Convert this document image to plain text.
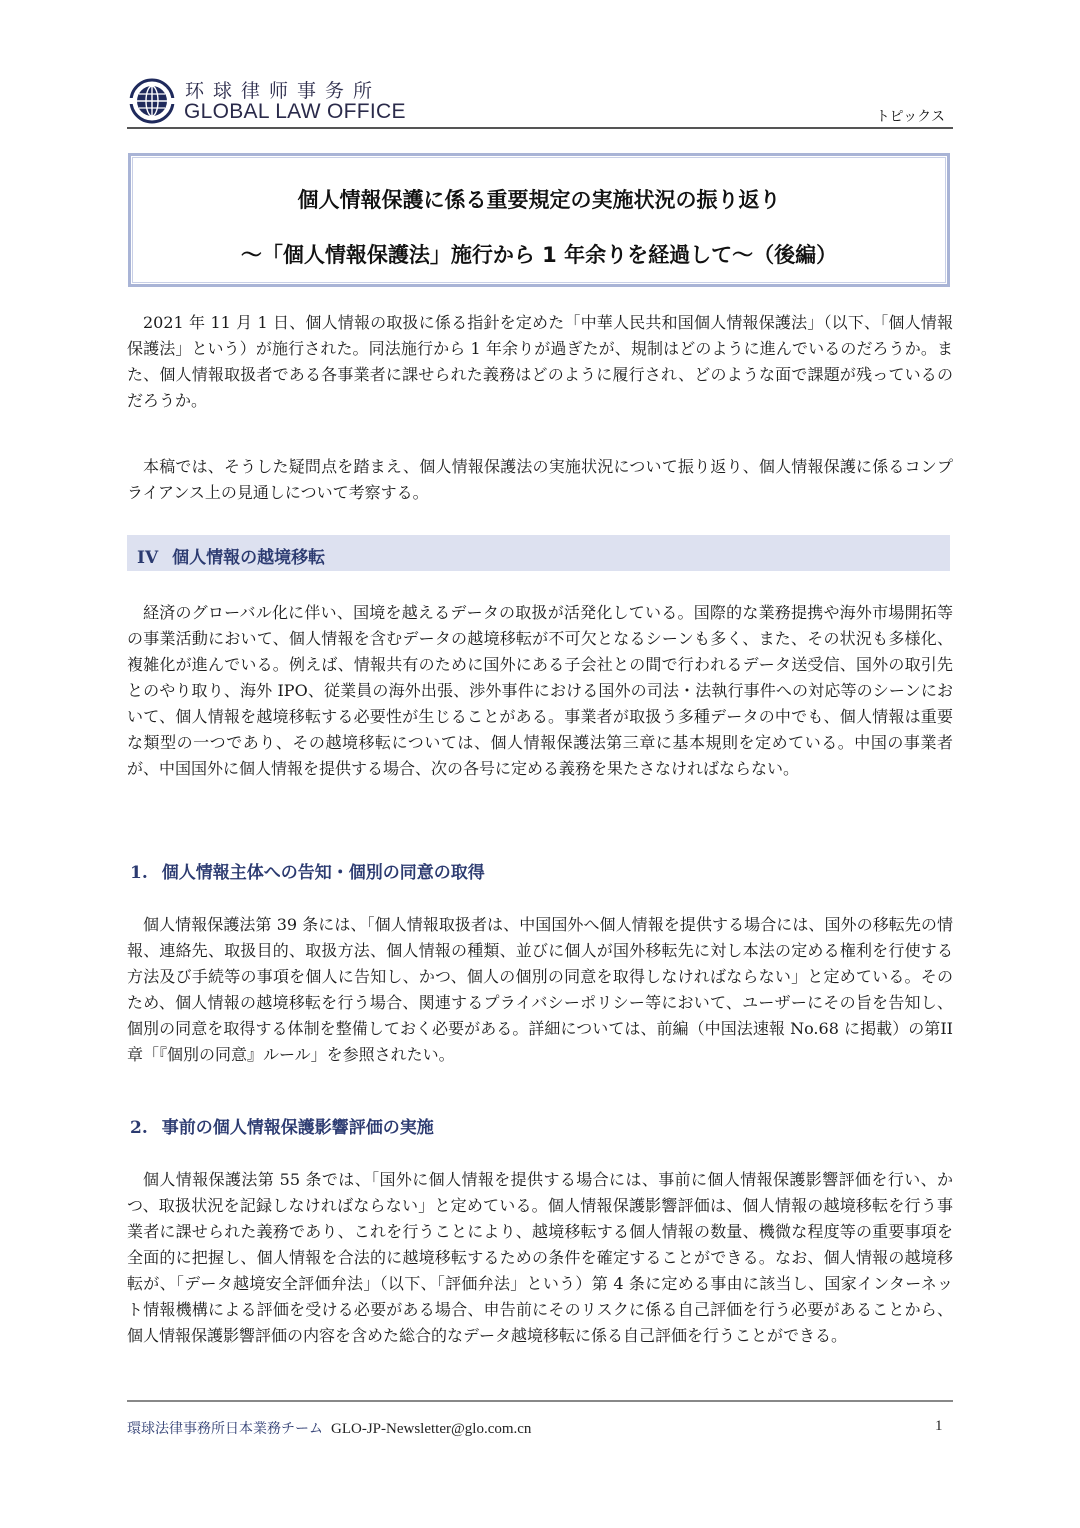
环球律师事务所
GLOBAL LAW OFFICE	トピックス
個人情報保護に係る重要規定の実施状況の振り返り
～「個人情報保護法」施行から 1 年余りを経過して～（後編）

2021 年 11 月 1 日、個人情報の取扱に係る指針を定めた「中華人民共和国個人情報保護法」（以下、「個人情報保護法」という）が施行された。同法施行から 1 年余りが過ぎたが、規制はどのように進んでいるのだろうか。また、個人情報取扱者である各事業者に課せられた義務はどのように履行され、どのような面で課題が残っているのだろうか。

本稿では、そうした疑問点を踏まえ、個人情報保護法の実施状況について振り返り、個人情報保護に係るコンプライアンス上の見通しについて考察する。

IV 個人情報の越境移転

経済のグローバル化に伴い、国境を越えるデータの取扱が活発化している。国際的な業務提携や海外市場開拓等の事業活動において、個人情報を含むデータの越境移転が不可欠となるシーンも多く、また、その状況も多様化、複雑化が進んでいる。例えば、情報共有のために国外にある子会社との間で行われるデータ送受信、国外の取引先とのやり取り、海外 IPO、従業員の海外出張、渉外事件における国外の司法・法執行事件への対応等のシーンにおいて、個人情報を越境移転する必要性が生じることがある。事業者が取扱う多種データの中でも、個人情報は重要な類型の一つであり、その越境移転については、個人情報保護法第三章に基本規則を定めている。中国の事業者が、中国国外に個人情報を提供する場合、次の各号に定める義務を果たさなければならない。

1. 個人情報主体への告知・個別の同意の取得

個人情報保護法第 39 条には、「個人情報取扱者は、中国国外へ個人情報を提供する場合には、国外の移転先の情報、連絡先、取扱目的、取扱方法、個人情報の種類、並びに個人が国外移転先に対し本法の定める権利を行使する方法及び手続等の事項を個人に告知し、かつ、個人の個別の同意を取得しなければならない」と定めている。そのため、個人情報の越境移転を行う場合、関連するプライバシーポリシー等において、ユーザーにその旨を告知し、個別の同意を取得する体制を整備しておく必要がある。詳細については、前編（中国法速報 No.68 に掲載）の第II章「『個別の同意』ルール」を参照されたい。

2. 事前の個人情報保護影響評価の実施

個人情報保護法第 55 条では、「国外に個人情報を提供する場合には、事前に個人情報保護影響評価を行い、かつ、取扱状況を記録しなければならない」と定めている。個人情報保護影響評価は、個人情報の越境移転を行う事業者に課せられた義務であり、これを行うことにより、越境移転する個人情報の数量、機微な程度等の重要事項を全面的に把握し、個人情報を合法的に越境移転するための条件を確定することができる。なお、個人情報の越境移転が、「データ越境安全評価弁法」（以下、「評価弁法」という）第 4 条に定める事由に該当し、国家インターネット情報機構による評価を受ける必要がある場合、申告前にそのリスクに係る自己評価を行う必要があることから、個人情報保護影響評価の内容を含めた総合的なデータ越境移転に係る自己評価を行うことができる。

環球法律事務所日本業務チーム GLO-JP-Newsletter@glo.com.cn	1
